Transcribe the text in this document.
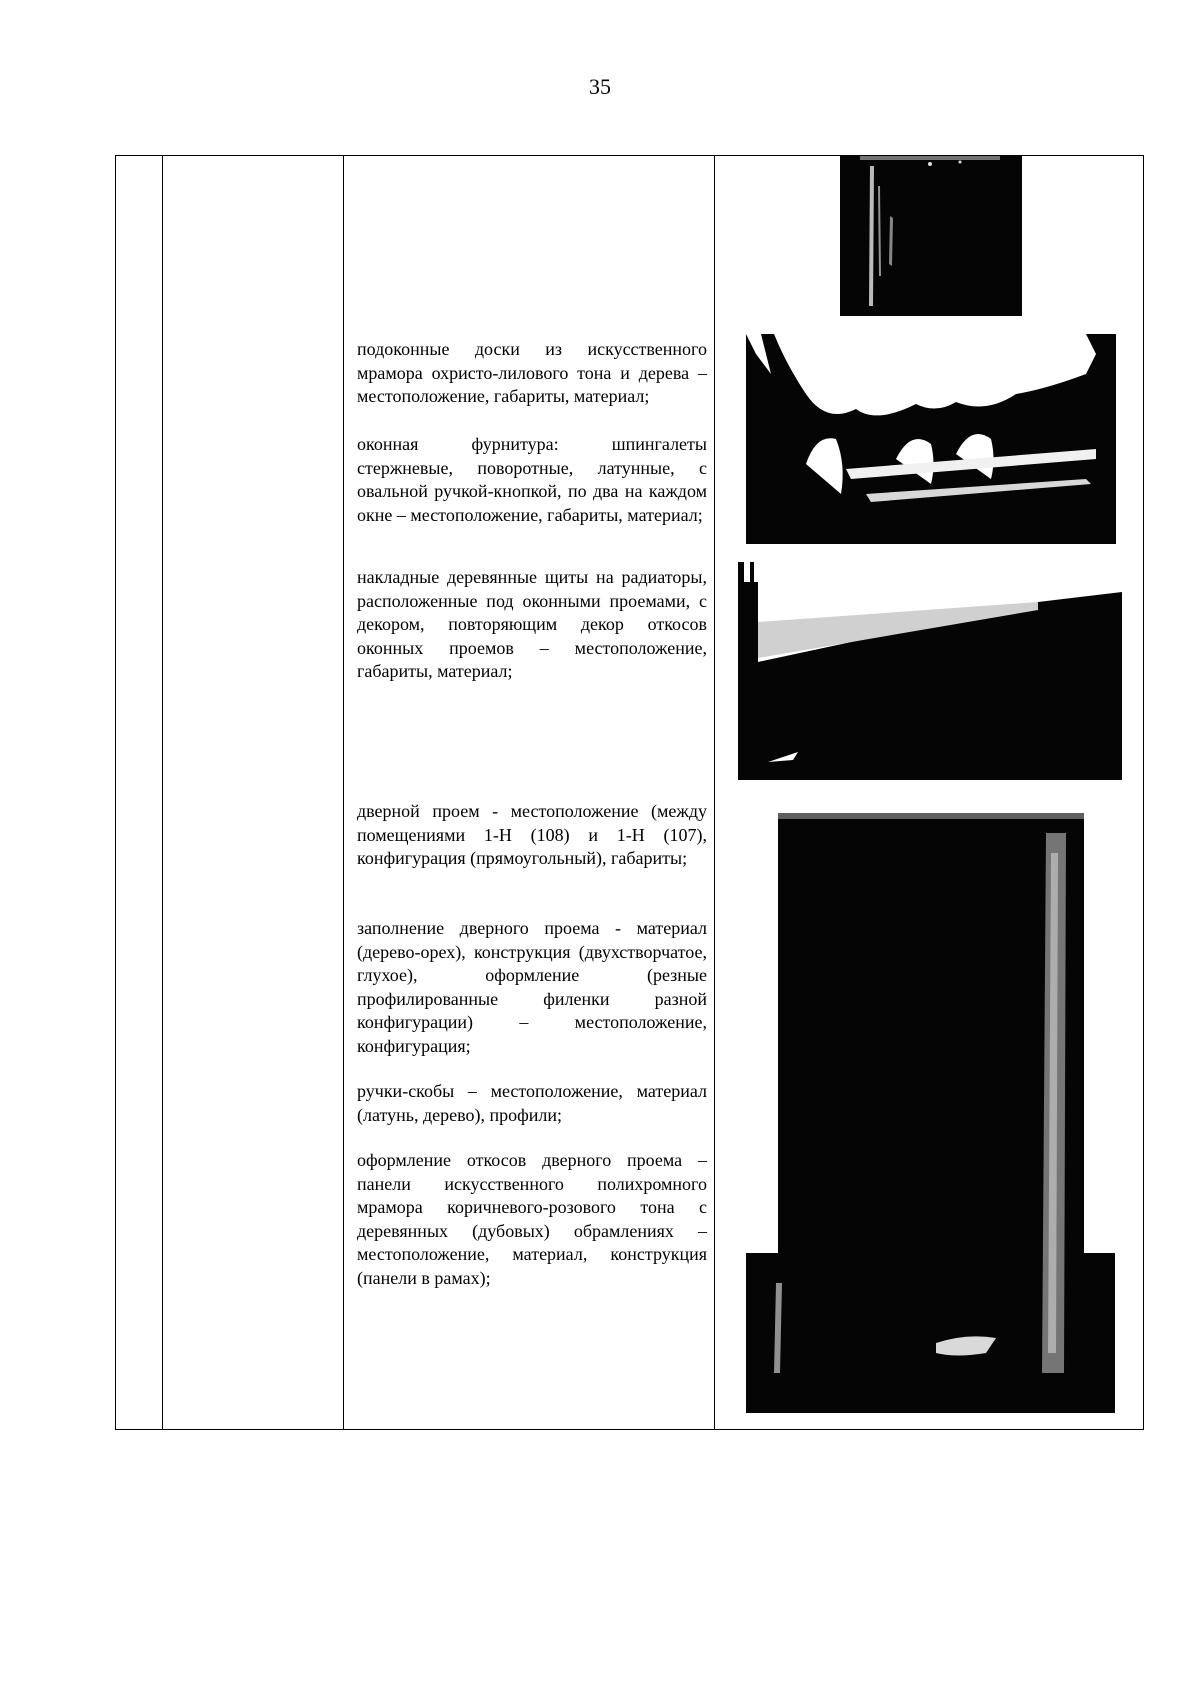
35
подоконные доски из искусственного мрамора охристо-лилового тона и дерева – местоположение, габариты, материал;
оконная фурнитура: шпингалеты стержневые, поворотные, латунные, с овальной ручкой-кнопкой, по два на каждом окне – местоположение, габариты, материал;
накладные деревянные щиты на радиаторы, расположенные под оконными проемами, с декором, повторяющим декор откосов оконных проемов – местоположение, габариты, материал;
дверной проем - местоположение (между помещениями 1-Н (108) и 1-Н (107), конфигурация (прямоугольный), габариты;
заполнение дверного проема - материал (дерево-орех), конструкция (двухстворчатое, глухое), оформление (резные профилированные филенки разной конфигурации) – местоположение, конфигурация;
ручки-скобы – местоположение, материал (латунь, дерево), профили;
оформление откосов дверного проема – панели искусственного полихромного мрамора коричневого-розового тона с деревянных (дубовых) обрамлениях – местоположение, материал, конструкция (панели в рамах);
